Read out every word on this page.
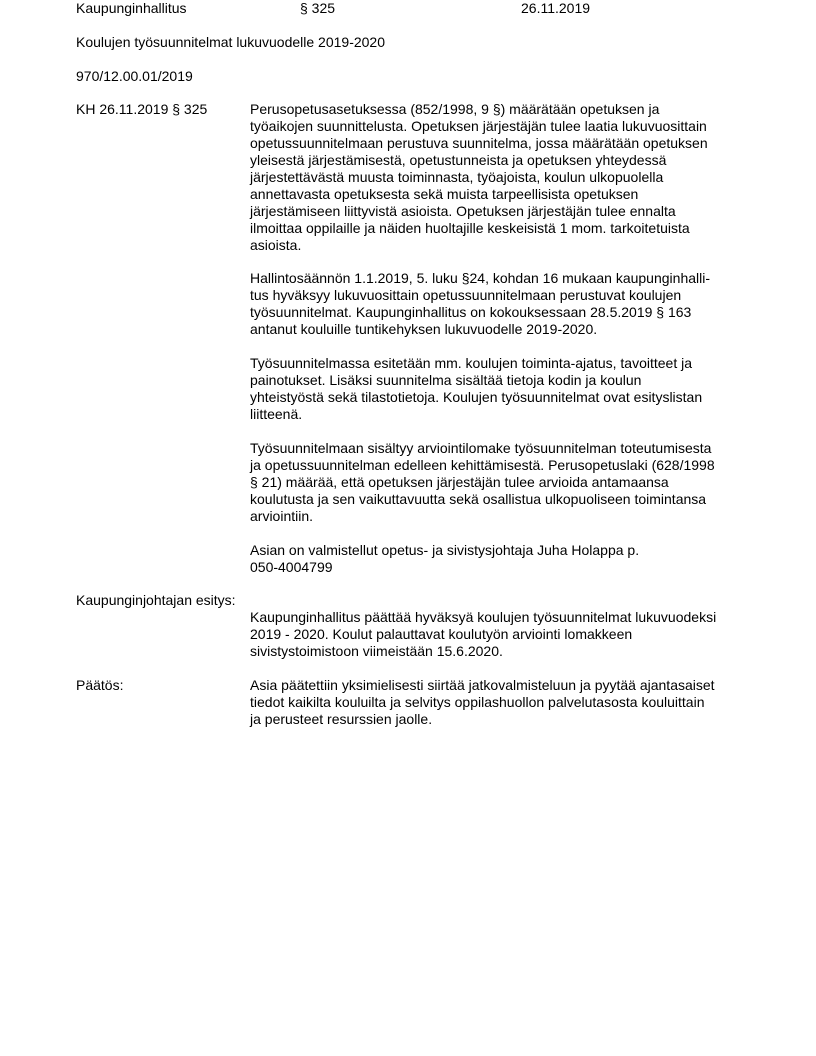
Kaupunginhallitus	§ 325	26.11.2019
Koulujen työsuunnitelmat lukuvuodelle 2019-2020
970/12.00.01/2019
KH 26.11.2019 § 325	Perusopetusasetuksessa (852/1998, 9 §) määrätään opetuksen ja
työaikojen suunnittelusta. Opetuksen järjestäjän tulee laatia lukuvuosittain
opetussuunnitelmaan perustuva suunnitelma, jossa määrätään opetuksen
yleisestä järjestämisestä, opetustunneista ja opetuksen yhteydessä
järjestettävästä muusta toiminnasta, työajoista, koulun ulkopuolella
annettavasta opetuksesta sekä muista tarpeellisista opetuksen
järjestämiseen liittyvistä asioista. Opetuksen järjestäjän tulee ennalta
ilmoittaa oppilaille ja näiden huoltajille keskeisistä 1 mom. tarkoitetuista
asioista.

Hallintosäännön 1.1.2019, 5. luku §24, kohdan 16 mukaan kaupunginhalli-
tus hyväksyy lukuvuosittain opetussuunnitelmaan perustuvat koulujen
työsuunnitelmat. Kaupunginhallitus on kokouksessaan 28.5.2019 § 163
antanut kouluille tuntikehyksen lukuvuodelle 2019-2020.

Työsuunnitelmassa esitetään mm. koulujen toiminta-ajatus, tavoitteet ja
painotukset. Lisäksi suunnitelma sisältää tietoja kodin ja koulun
yhteistyöstä sekä tilastotietoja. Koulujen työsuunnitelmat ovat esityslistan
liitteenä.

Työsuunnitelmaan sisältyy arviointilomake työsuunnitelman toteutumisesta
ja opetussuunnitelman edelleen kehittämisestä. Perusopetuslaki (628/1998
§ 21) määrää, että opetuksen järjestäjän tulee arvioida antamaansa
koulutusta ja sen vaikuttavuutta sekä osallistua ulkopuoliseen toimintansa
arviointiin.

Asian on valmistellut opetus- ja sivistysjohtaja Juha Holappa p.
050-4004799

Kaupunginjohtajan esitys:

Kaupunginhallitus päättää hyväksyä koulujen työsuunnitelmat lukuvuodeksi
2019 - 2020. Koulut palauttavat koulutyön arviointi lomakkeen
sivistystoimistoon viimeistään 15.6.2020.

Päätös:	Asia päätettiin yksimielisesti siirtää jatkovalmisteluun ja pyytää ajantasaiset
tiedot kaikilta kouluilta ja selvitys oppilashuollon palvelutasosta kouluittain
ja perusteet resurssien jaolle.
